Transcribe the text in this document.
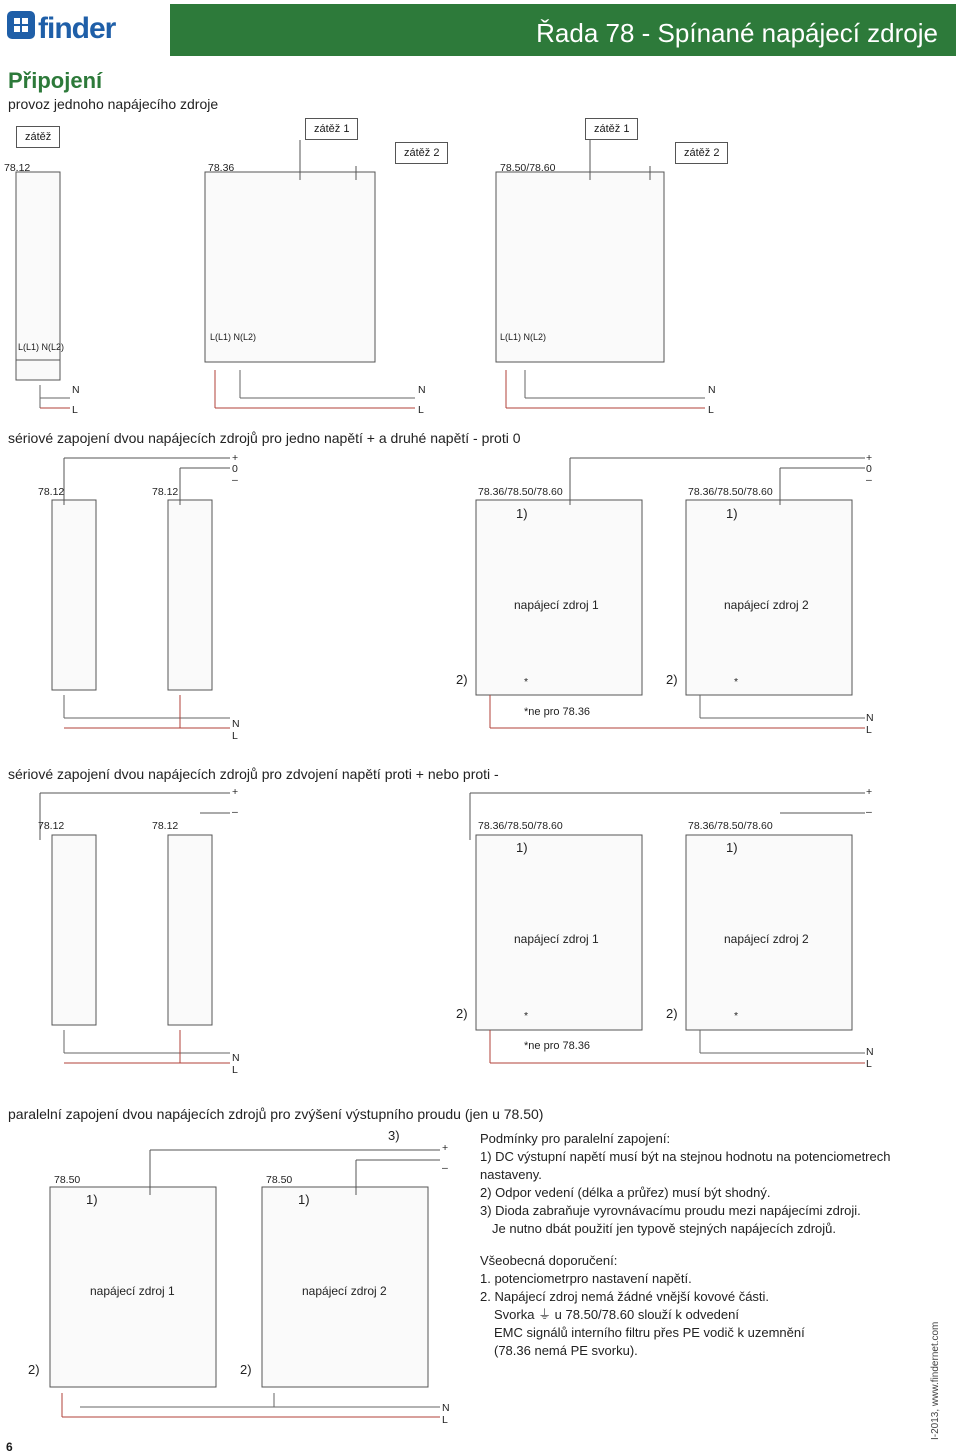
finder	Řada 78 - Spínané napájecí zdroje
Připojení
provoz jednoho napájecího zdroje
zátěž
zátěž 1
zátěž 2
zátěž 1
zátěž 2
78.12	78.36	78.50/78.60
L(L1) N(L2)
L(L1) N(L2)	L(L1) N(L2)
N
L
N
L
N
L
sériové zapojení dvou napájecích zdrojů pro jedno napětí + a druhé napětí - proti 0
+
0
–
+
0
–
78.12	78.12	78.36/78.50/78.60	78.36/78.50/78.60
1)	1)
napájecí zdroj 1	napájecí zdroj 2
2)	2)
*	*
*ne pro 78.36
N
L
N
L
sériové zapojení dvou napájecích zdrojů pro zdvojení napětí proti + nebo proti -
+
–
+
–
78.12	78.12	78.36/78.50/78.60	78.36/78.50/78.60
1)	1)
napájecí zdroj 1	napájecí zdroj 2
2)	2)
*	*
*ne pro 78.36
N
L
N
L
paralelní zapojení dvou napájecích zdrojů pro zvýšení výstupního proudu (jen u 78.50)
3)
+
–
78.50	78.50
1)	1)
napájecí zdroj 1	napájecí zdroj 2
2)	2)
N
L
Podmínky pro paralelní zapojení:
1) DC výstupní napětí musí být na stejnou hodnotu na potenciometrech nastaveny.
2) Odpor vedení (délka a průřez) musí být shodný.
3) Dioda zabraňuje vyrovnávacímu proudu mezi napájecími zdroji.
Je nutno dbát použití jen typově stejných napájecích zdrojů.
Všeobecná doporučení:
1. potenciometrpro nastavení napětí.
2. Napájecí zdroj nemá žádné vnější kovové části.
Svorka ⏚ u 78.50/78.60 slouží k odvedení
EMC signálů interního filtru přes PE vodič k uzemnění
(78.36 nemá PE svorku).
6
I-2013, www.findernet.com
